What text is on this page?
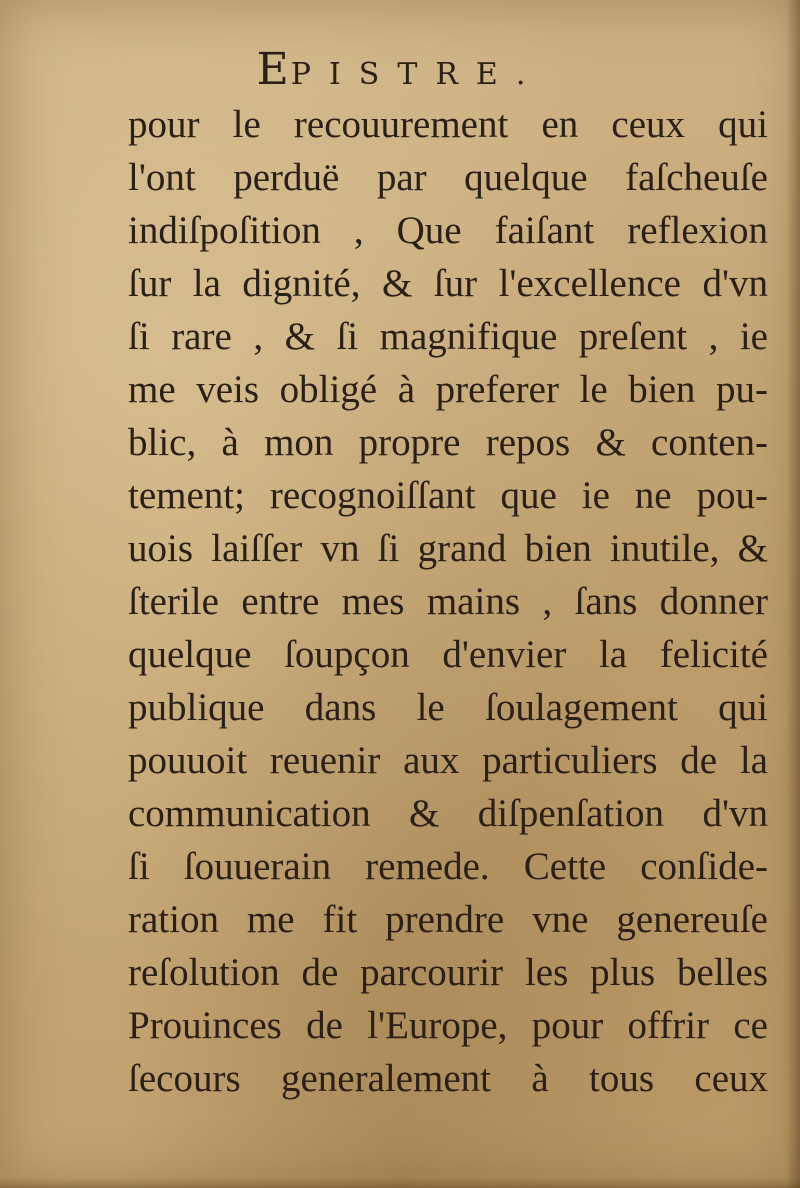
EPISTRE.
pour le recouurement en ceux qui
l'ont perduë par quelque faſcheuſe
indiſpoſition , Que faiſant reflexion
ſur la dignité, & ſur l'excellence d'vn
ſi rare , & ſi magnifique preſent , ie
me veis obligé à preferer le bien pu-
blic, à mon propre repos & conten-
tement; recognoiſſant que ie ne pou-
uois laiſſer vn ſi grand bien inutile, &
ſterile entre mes mains , ſans donner
quelque ſoupçon d'envier la felicité
publique dans le ſoulagement qui
pouuoit reuenir aux particuliers de la
communication & diſpenſation d'vn
ſi ſouuerain remede. Cette conſide-
ration me fit prendre vne genereuſe
reſolution de parcourir les plus belles
Prouinces de l'Europe, pour offrir ce
ſecours generalement à tous ceux
